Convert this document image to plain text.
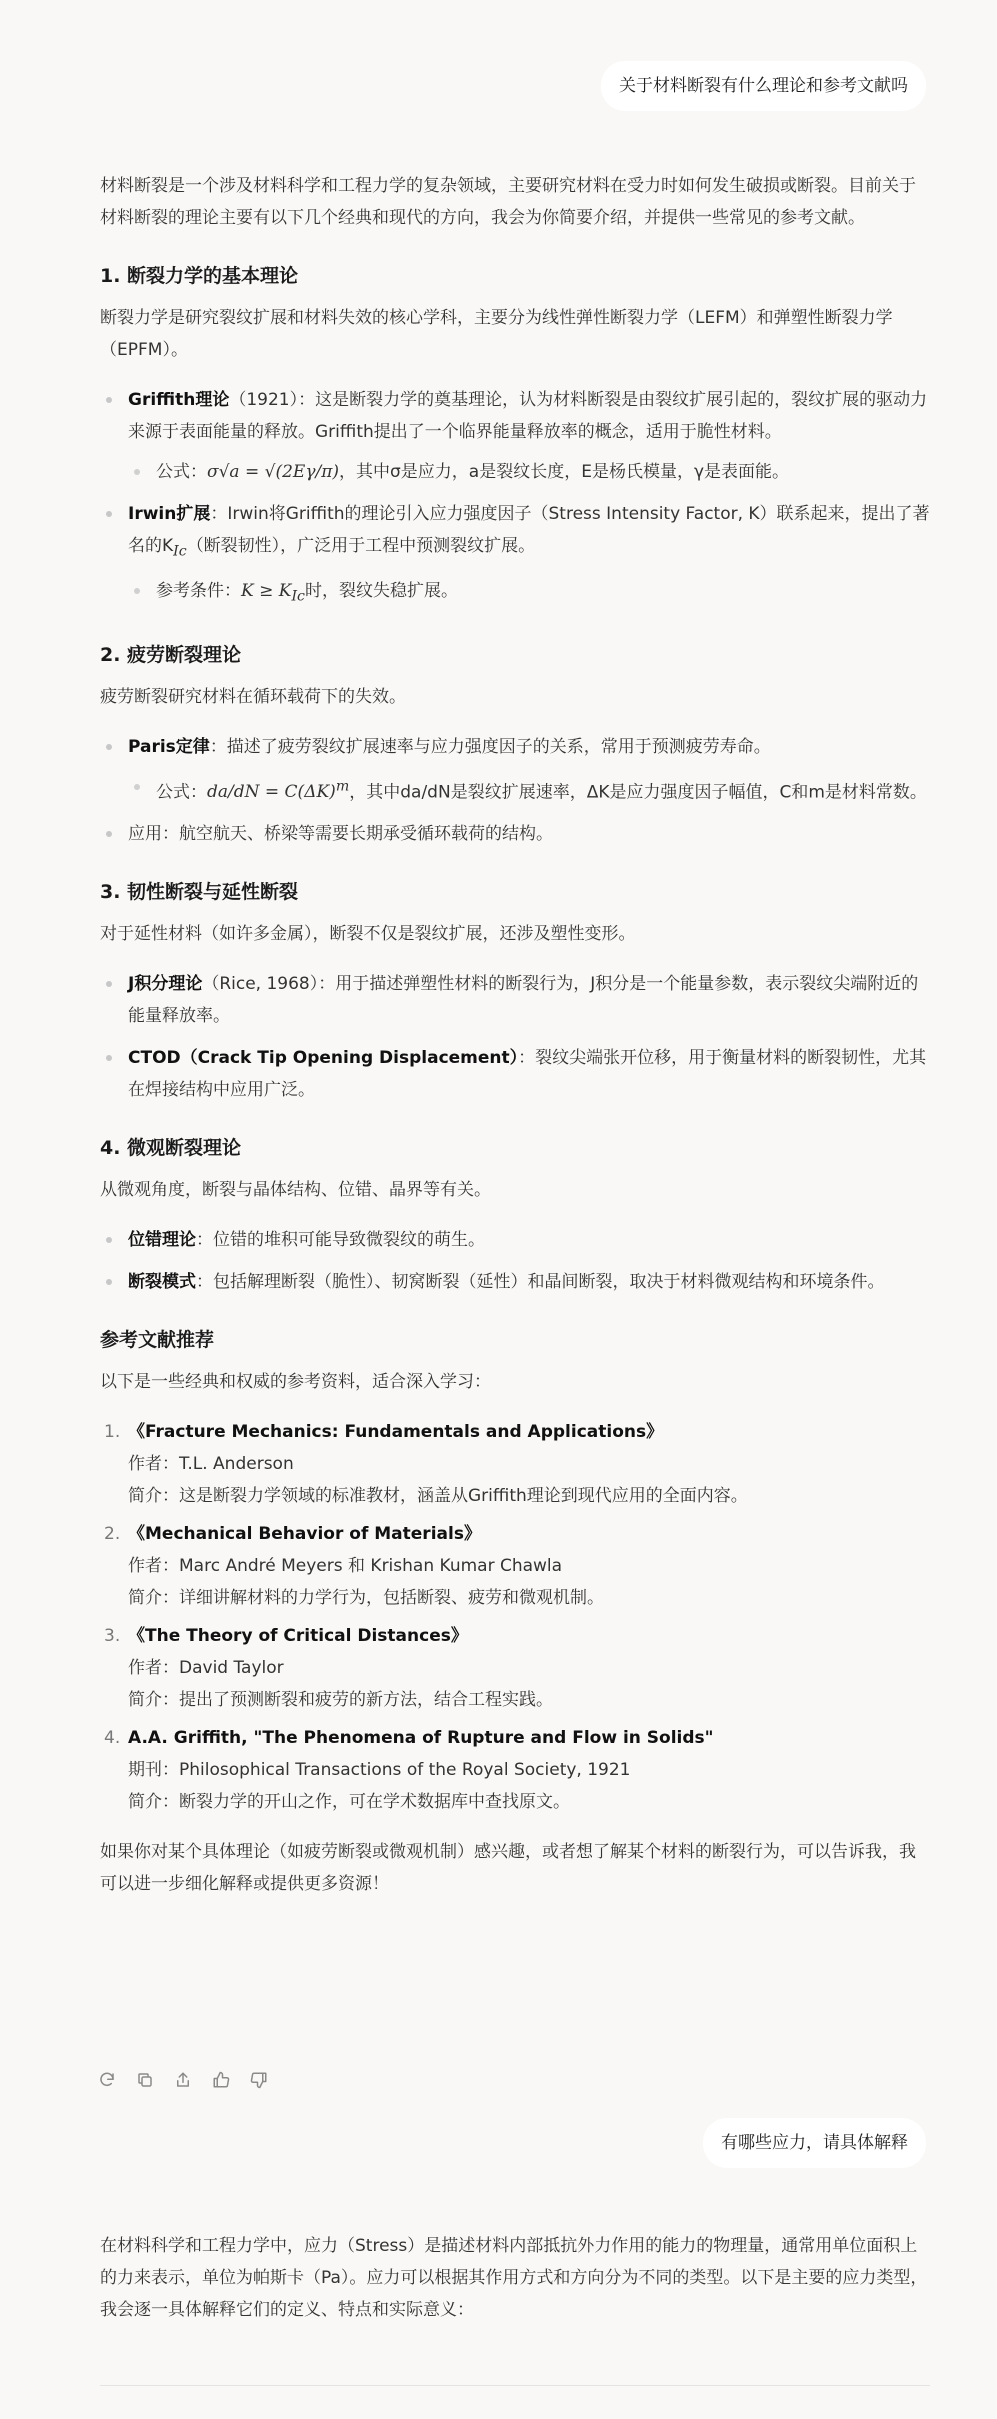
关于材料断裂有什么理论和参考文献吗

材料断裂是一个涉及材料科学和工程力学的复杂领域，主要研究材料在受力时如何发生破损或断裂。目前关于材料断裂的理论主要有以下几个经典和现代的方向，我会为你简要介绍，并提供一些常见的参考文献。

1. 断裂力学的基本理论

断裂力学是研究裂纹扩展和材料失效的核心学科，主要分为线性弹性断裂力学（LEFM）和弹塑性断裂力学（EPFM）。

Griffith理论（1921）：这是断裂力学的奠基理论，认为材料断裂是由裂纹扩展引起的，裂纹扩展的驱动力来源于表面能量的释放。Griffith提出了一个临界能量释放率的概念，适用于脆性材料。
公式：σ√a = √(2Eγ/π)，其中σ是应力，a是裂纹长度，E是杨氏模量，γ是表面能。
Irwin扩展：Irwin将Griffith的理论引入应力强度因子（Stress Intensity Factor, K）联系起来，提出了著名的$K_{Ic}$（断裂韧性），广泛用于工程中预测裂纹扩展。
参考条件：$K \ge K_{Ic}$时，裂纹失稳扩展。
2. 疲劳断裂理论

疲劳断裂研究材料在循环载荷下的失效。

Paris定律：描述了疲劳裂纹扩展速率与应力强度因子的关系，常用于预测疲劳寿命。
公式：$da/dN = C(\Delta K)^m$，其中da/dN是裂纹扩展速率，ΔK是应力强度因子幅值，C和m是材料常数。
应用：航空航天、桥梁等需要长期承受循环载荷的结构。
3. 韧性断裂与延性断裂

对于延性材料（如许多金属），断裂不仅是裂纹扩展，还涉及塑性变形。

J积分理论（Rice, 1968）：用于描述弹塑性材料的断裂行为，J积分是一个能量参数，表示裂纹尖端附近的能量释放率。
CTOD（Crack Tip Opening Displacement）：裂纹尖端张开位移，用于衡量材料的断裂韧性，尤其在焊接结构中应用广泛。
4. 微观断裂理论

从微观角度，断裂与晶体结构、位错、晶界等有关。

位错理论：位错的堆积可能导致微裂纹的萌生。
断裂模式：包括解理断裂（脆性）、韧窝断裂（延性）和晶间断裂，取决于材料微观结构和环境条件。
参考文献推荐

以下是一些经典和权威的参考资料，适合深入学习：

1. 《Fracture Mechanics: Fundamentals and Applications》
作者：T.L. Anderson
简介：这是断裂力学领域的标准教材，涵盖从Griffith理论到现代应用的全面内容。
2. 《Mechanical Behavior of Materials》
作者：Marc André Meyers 和 Krishan Kumar Chawla
简介：详细讲解材料的力学行为，包括断裂、疲劳和微观机制。
3. 《The Theory of Critical Distances》
作者：David Taylor
简介：提出了预测断裂和疲劳的新方法，结合工程实践。
4. A.A. Griffith, "The Phenomena of Rupture and Flow in Solids"
期刊：Philosophical Transactions of the Royal Society, 1921
简介：断裂力学的开山之作，可在学术数据库中查找原文。

如果你对某个具体理论（如疲劳断裂或微观机制）感兴趣，或者想了解某个材料的断裂行为，可以告诉我，我可以进一步细化解释或提供更多资源！

有哪些应力，请具体解释

在材料科学和工程力学中，应力（Stress）是描述材料内部抵抗外力作用的能力的物理量，通常用单位面积上的力来表示，单位为帕斯卡（Pa）。应力可以根据其作用方式和方向分为不同的类型。以下是主要的应力类型，我会逐一具体解释它们的定义、特点和实际意义：
